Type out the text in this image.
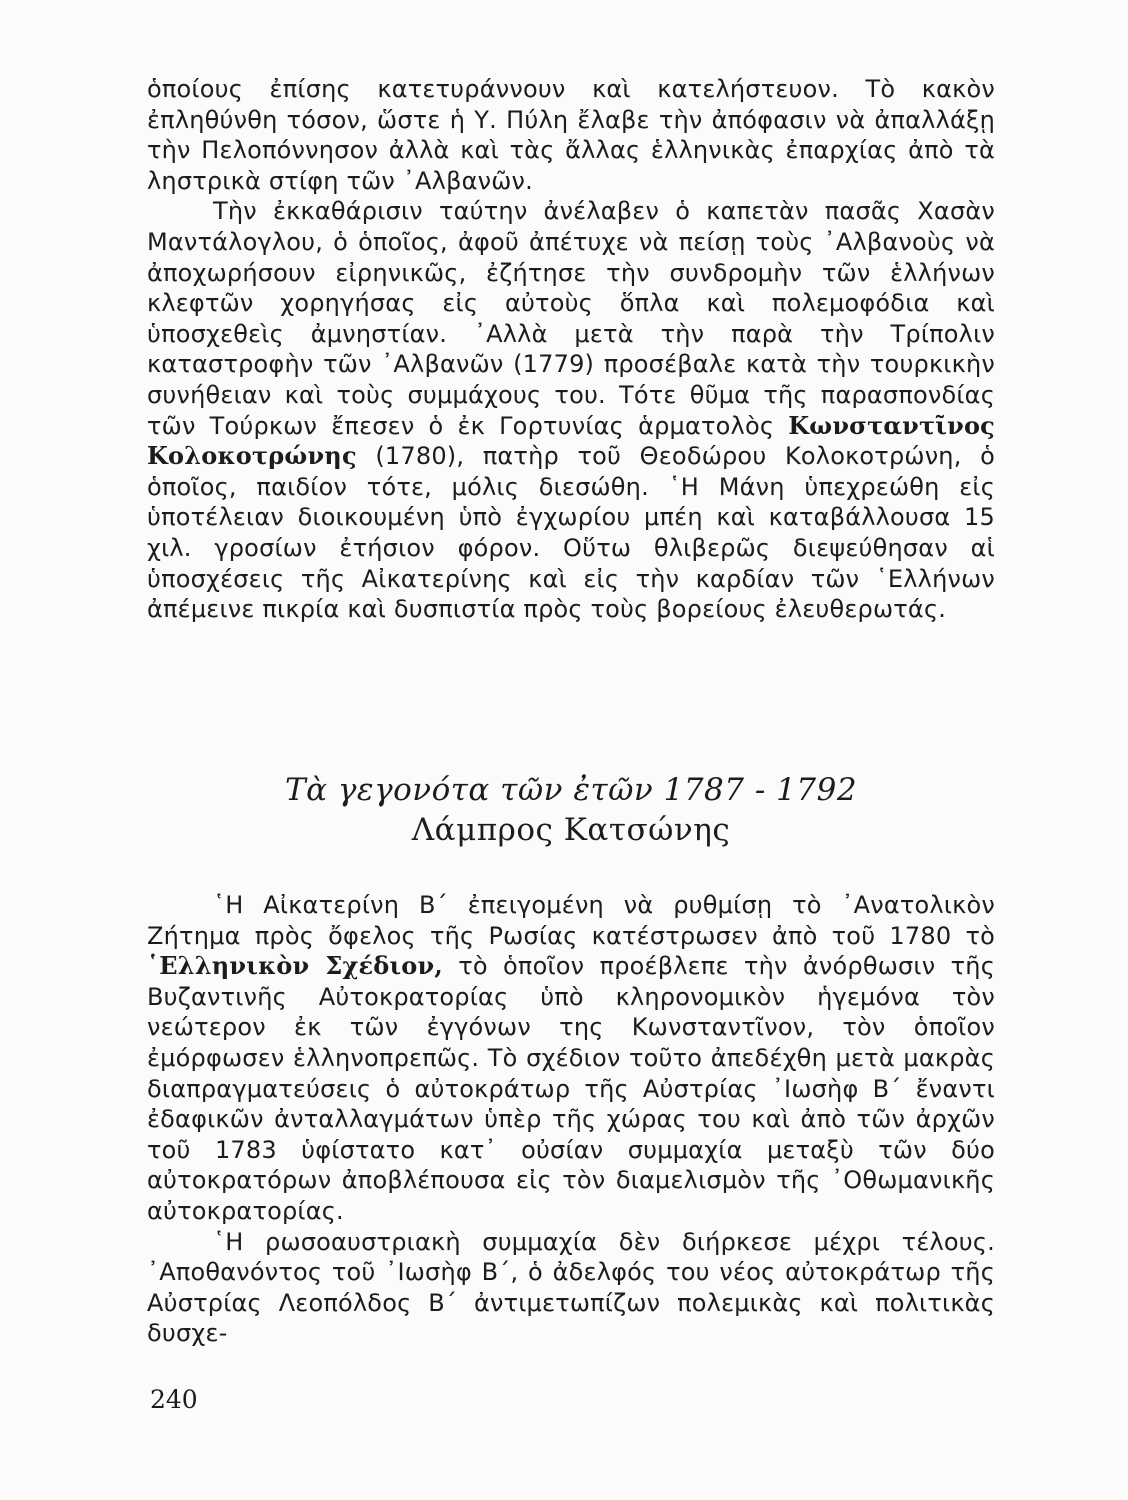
ὁποίους ἐπίσης κατετυράννουν καὶ κατελήστευον. Τὸ κακὸν ἐπληθύνθη τόσον, ὥστε ἡ Υ. Πύλη ἔλαβε τὴν ἀπόφασιν νὰ ἀπαλλάξῃ τὴν Πελοπόννησον ἀλλὰ καὶ τὰς ἄλλας ἑλληνικὰς ἐπαρχίας ἀπὸ τὰ ληστρικὰ στίφη τῶν ᾿Αλβανῶν.

Τὴν ἐκκαθάρισιν ταύτην ἀνέλαβεν ὁ καπετὰν πασᾶς Χασὰν Μαντάλογλου, ὁ ὁποῖος, ἀφοῦ ἀπέτυχε νὰ πείσῃ τοὺς ᾿Αλβανοὺς νὰ ἀποχωρήσουν εἰρηνικῶς, ἐζήτησε τὴν συνδρομὴν τῶν ἑλλήνων κλεφτῶν χορηγήσας εἰς αὐτοὺς ὅπλα καὶ πολεμοφόδια καὶ ὑποσχεθεὶς ἀμνηστίαν. ᾿Αλλὰ μετὰ τὴν παρὰ τὴν Τρίπολιν καταστροφὴν τῶν ᾿Αλβανῶν (1779) προσέβαλε κατὰ τὴν τουρκικὴν συνήθειαν καὶ τοὺς συμμάχους του. Τότε θῦμα τῆς παρασπονδίας τῶν Τούρκων ἔπεσεν ὁ ἐκ Γορτυνίας ἁρματολὸς Κωνσταντῖνος Κολοκοτρώνης (1780), πατὴρ τοῦ Θεοδώρου Κολοκοτρώνη, ὁ ὁποῖος, παιδίον τότε, μόλις διεσώθη. ῾Η Μάνη ὑπεχρεώθη εἰς ὑποτέλειαν διοικουμένη ὑπὸ ἐγχωρίου μπέη καὶ καταβάλλουσα 15 χιλ. γροσίων ἐτήσιον φόρον. Οὕτω θλιβερῶς διεψεύθησαν αἱ ὑποσχέσεις τῆς Αἰκατερίνης καὶ εἰς τὴν καρδίαν τῶν ῾Ελλήνων ἀπέμεινε πικρία καὶ δυσπιστία πρὸς τοὺς βορείους ἐλευθερωτάς.

Τὰ γεγονότα τῶν ἐτῶν 1787 - 1792
Λάμπρος Κατσώνης

῾Η Αἰκατερίνη Β΄ ἐπειγομένη νὰ ρυθμίσῃ τὸ ᾿Ανατολικὸν Ζήτημα πρὸς ὄφελος τῆς Ρωσίας κατέστρωσεν ἀπὸ τοῦ 1780 τὸ ῾Ελληνικὸν Σχέδιον, τὸ ὁποῖον προέβλεπε τὴν ἀνόρθωσιν τῆς Βυζαντινῆς Αὐτοκρατορίας ὑπὸ κληρονομικὸν ἡγεμόνα τὸν νεώτερον ἐκ τῶν ἐγγόνων της Κωνσταντῖνον, τὸν ὁποῖον ἐμόρφωσεν ἑλληνοπρεπῶς. Τὸ σχέδιον τοῦτο ἀπεδέχθη μετὰ μακρὰς διαπραγματεύσεις ὁ αὐτοκράτωρ τῆς Αὐστρίας ᾿Ιωσὴφ Β΄ ἔναντι ἐδαφικῶν ἀνταλλαγμάτων ὑπὲρ τῆς χώρας του καὶ ἀπὸ τῶν ἀρχῶν τοῦ 1783 ὑφίστατο κατ᾿ οὐσίαν συμμαχία μεταξὺ τῶν δύο αὐτοκρατόρων ἀποβλέπουσα εἰς τὸν διαμελισμὸν τῆς ᾿Οθωμανικῆς αὐτοκρατορίας.

῾Η ρωσοαυστριακὴ συμμαχία δὲν διήρκεσε μέχρι τέλους. ᾿Αποθανόντος τοῦ ᾿Ιωσὴφ Β΄, ὁ ἀδελφός του νέος αὐτοκράτωρ τῆς Αὐστρίας Λεοπόλδος Β΄ ἀντιμετωπίζων πολεμικὰς καὶ πολιτικὰς δυσχε-

240
